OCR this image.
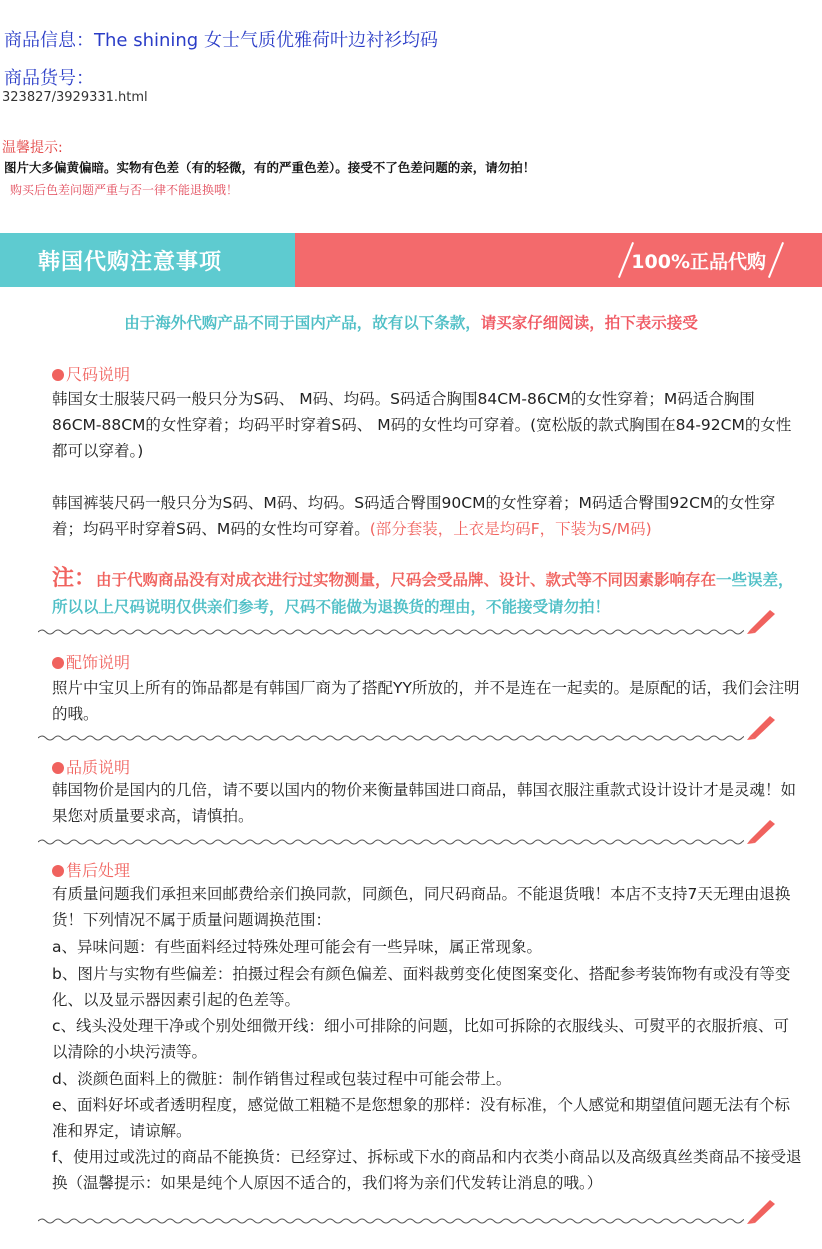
商品信息：The shining 女士气质优雅荷叶边衬衫均码
商品货号：
323827/3929331.html
温馨提示:
图片大多偏黄偏暗。实物有色差（有的轻微，有的严重色差）。接受不了色差问题的亲，请勿拍！
购买后色差问题严重与否一律不能退换哦！
韩国代购注意事项	100%正品代购
由于海外代购产品不同于国内产品，故有以下条款，请买家仔细阅读，拍下表示接受
尺码说明
韩国女士服装尺码一般只分为S码、 M码、均码。S码适合胸围84CM-86CM的女性穿着；M码适合胸围86CM-88CM的女性穿着；均码平时穿着S码、 M码的女性均可穿着。(宽松版的款式胸围在84-92CM的女性都可以穿着。)
韩国裤装尺码一般只分为S码、M码、均码。S码适合臀围90CM的女性穿着；M码适合臀围92CM的女性穿着；均码平时穿着S码、M码的女性均可穿着。(部分套装，上衣是均码F，下装为S/M码)
注：由于代购商品没有对成衣进行过实物测量，尺码会受品牌、设计、款式等不同因素影响存在一些误差，所以以上尺码说明仅供亲们参考，尺码不能做为退换货的理由，不能接受请勿拍！
配饰说明
照片中宝贝上所有的饰品都是有韩国厂商为了搭配YY所放的，并不是连在一起卖的。是原配的话，我们会注明的哦。
品质说明
韩国物价是国内的几倍，请不要以国内的物价来衡量韩国进口商品，韩国衣服注重款式设计设计才是灵魂！如果您对质量要求高，请慎拍。
售后处理
有质量问题我们承担来回邮费给亲们换同款，同颜色，同尺码商品。不能退货哦！本店不支持7天无理由退换货！下列情况不属于质量问题调换范围：
a、异味问题：有些面料经过特殊处理可能会有一些异味，属正常现象。
b、图片与实物有些偏差：拍摄过程会有颜色偏差、面料裁剪变化使图案变化、搭配参考装饰物有或没有等变化、以及显示器因素引起的色差等。
c、线头没处理干净或个别处细微开线：细小可排除的问题，比如可拆除的衣服线头、可熨平的衣服折痕、可以清除的小块污渍等。
d、淡颜色面料上的微脏：制作销售过程或包装过程中可能会带上。
e、面料好坏或者透明程度，感觉做工粗糙不是您想象的那样：没有标准，个人感觉和期望值问题无法有个标准和界定，请谅解。
f、使用过或洗过的商品不能换货：已经穿过、拆标或下水的商品和内衣类小商品以及高级真丝类商品不接受退换（温馨提示：如果是纯个人原因不适合的，我们将为亲们代发转让消息的哦。）
